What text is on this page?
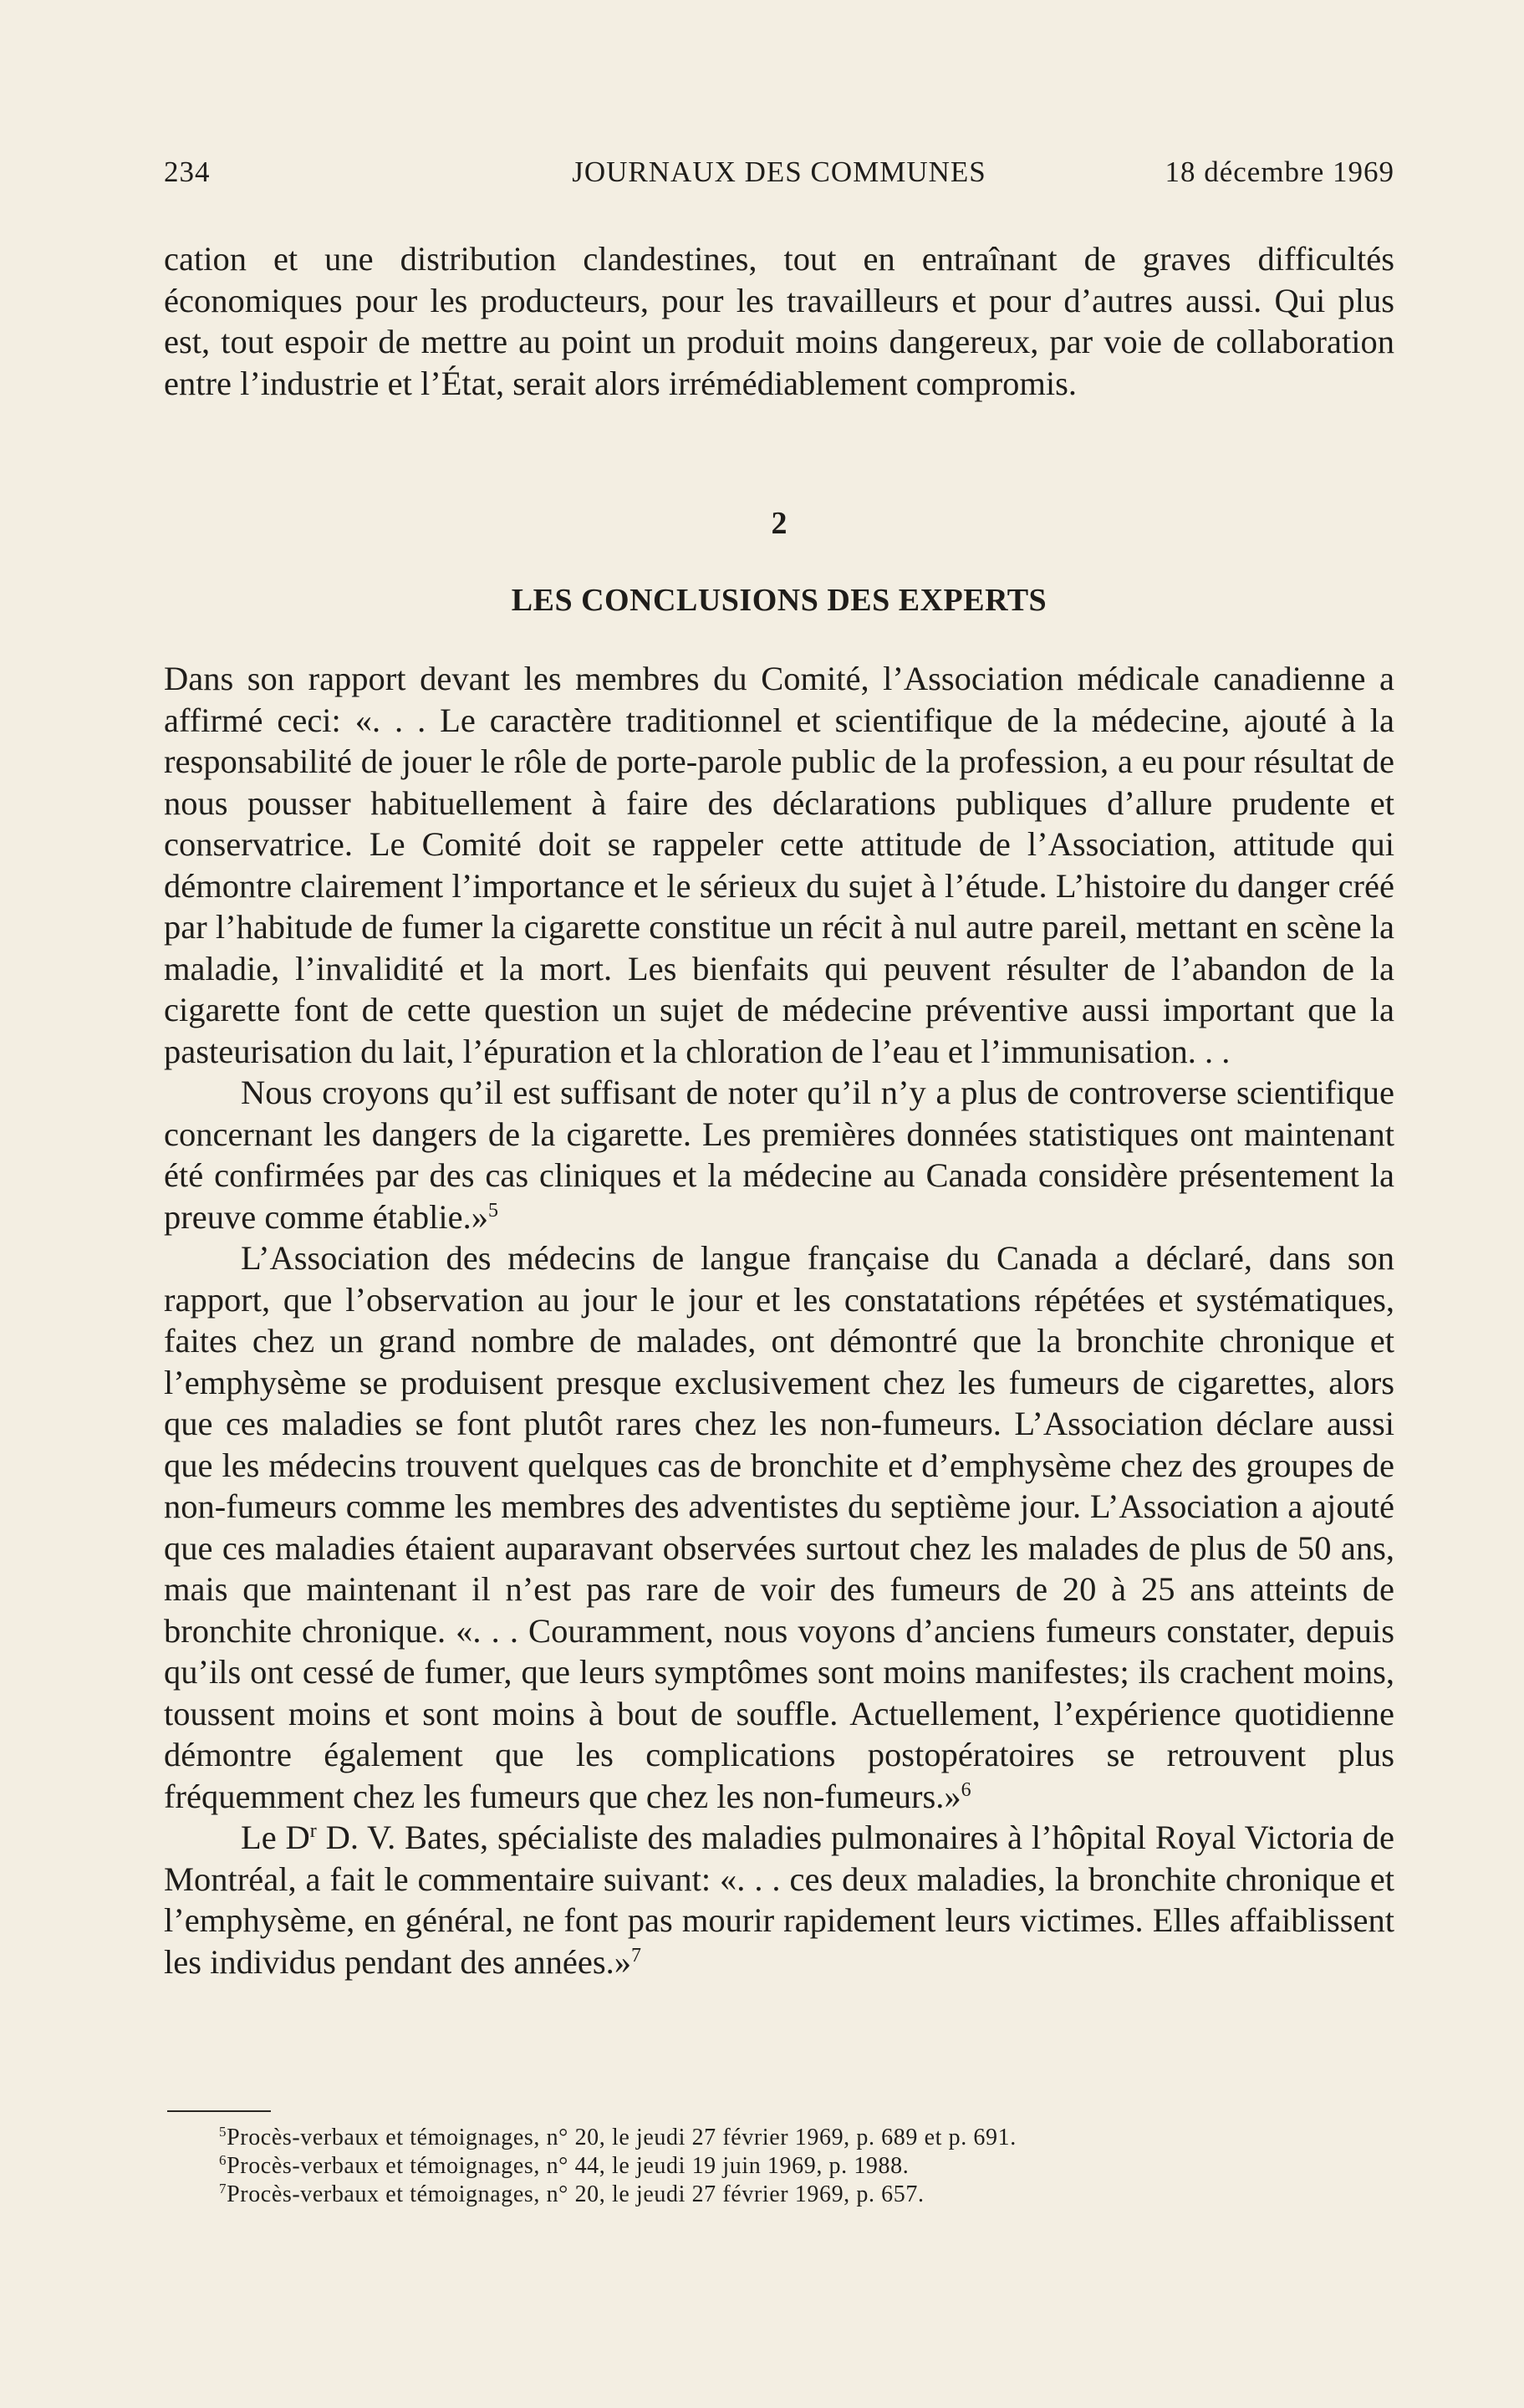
234	JOURNAUX DES COMMUNES	18 décembre 1969

cation et une distribution clandestines, tout en entraînant de graves difficultés économiques pour les producteurs, pour les travailleurs et pour d’autres aussi. Qui plus est, tout espoir de mettre au point un produit moins dangereux, par voie de collaboration entre l’industrie et l’État, serait alors irrémédiablement compromis.

2
LES CONCLUSIONS DES EXPERTS

Dans son rapport devant les membres du Comité, l’Association médicale canadienne a affirmé ceci: «. . . Le caractère traditionnel et scientifique de la médecine, ajouté à la responsabilité de jouer le rôle de porte-parole public de la profession, a eu pour résultat de nous pousser habituellement à faire des déclarations publiques d’allure prudente et conservatrice. Le Comité doit se rappeler cette attitude de l’Association, attitude qui démontre clairement l’importance et le sérieux du sujet à l’étude. L’histoire du danger créé par l’habitude de fumer la cigarette constitue un récit à nul autre pareil, mettant en scène la maladie, l’invalidité et la mort. Les bienfaits qui peuvent résulter de l’abandon de la cigarette font de cette question un sujet de médecine préventive aussi important que la pasteurisation du lait, l’épuration et la chloration de l’eau et l’immunisation. . .

Nous croyons qu’il est suffisant de noter qu’il n’y a plus de controverse scientifique concernant les dangers de la cigarette. Les premières données statistiques ont maintenant été confirmées par des cas cliniques et la médecine au Canada considère présentement la preuve comme établie.»$^5$

L’Association des médecins de langue française du Canada a déclaré, dans son rapport, que l’observation au jour le jour et les constatations répétées et systématiques, faites chez un grand nombre de malades, ont démontré que la bronchite chronique et l’emphysème se produisent presque exclusivement chez les fumeurs de cigarettes, alors que ces maladies se font plutôt rares chez les non-fumeurs. L’Association déclare aussi que les médecins trouvent quelques cas de bronchite et d’emphysème chez des groupes de non-fumeurs comme les membres des adventistes du septième jour. L’Association a ajouté que ces maladies étaient auparavant observées surtout chez les malades de plus de 50 ans, mais que maintenant il n’est pas rare de voir des fumeurs de 20 à 25 ans atteints de bronchite chronique. «. . . Couramment, nous voyons d’anciens fumeurs constater, depuis qu’ils ont cessé de fumer, que leurs symptômes sont moins manifestes; ils crachent moins, toussent moins et sont moins à bout de souffle. Actuellement, l’expérience quotidienne démontre également que les complications postopératoires se retrouvent plus fréquemment chez les fumeurs que chez les non-fumeurs.»$^6$

Le $D^r$ D. V. Bates, spécialiste des maladies pulmonaires à l’hôpital Royal Victoria de Montréal, a fait le commentaire suivant: «. . . ces deux maladies, la bronchite chronique et l’emphysème, en général, ne font pas mourir rapidement leurs victimes. Elles affaiblissent les individus pendant des années.»$^7$

$^5$Procès-verbaux et témoignages, n° 20, le jeudi 27 février 1969, p. 689 et p. 691.
$^6$Procès-verbaux et témoignages, n° 44, le jeudi 19 juin 1969, p. 1988.
$^7$Procès-verbaux et témoignages, n° 20, le jeudi 27 février 1969, p. 657.
